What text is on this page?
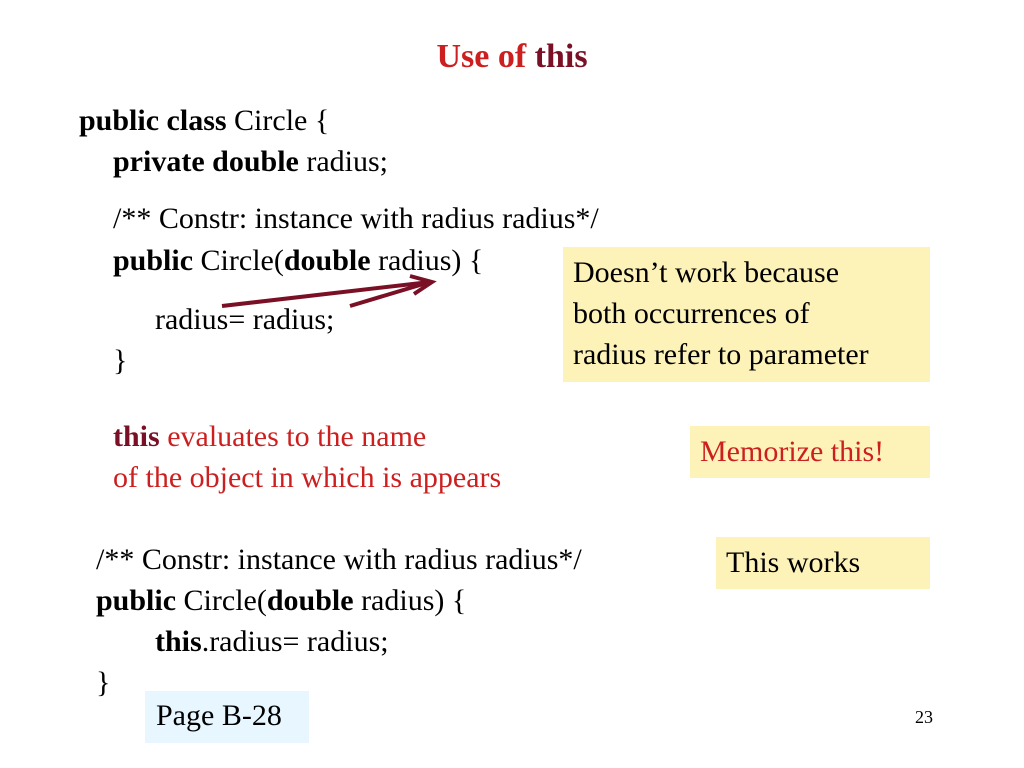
Use of this
public class Circle {
private double radius;
/** Constr: instance with radius radius*/
public Circle(double radius) {
radius= radius;
}
Doesn’t work because
both occurrences of
radius refer to parameter
this evaluates to the name
of the object in which is appears
Memorize this!
/** Constr: instance with radius radius*/
public Circle(double radius) {
this.radius= radius;
}
This works
Page B-28	23
